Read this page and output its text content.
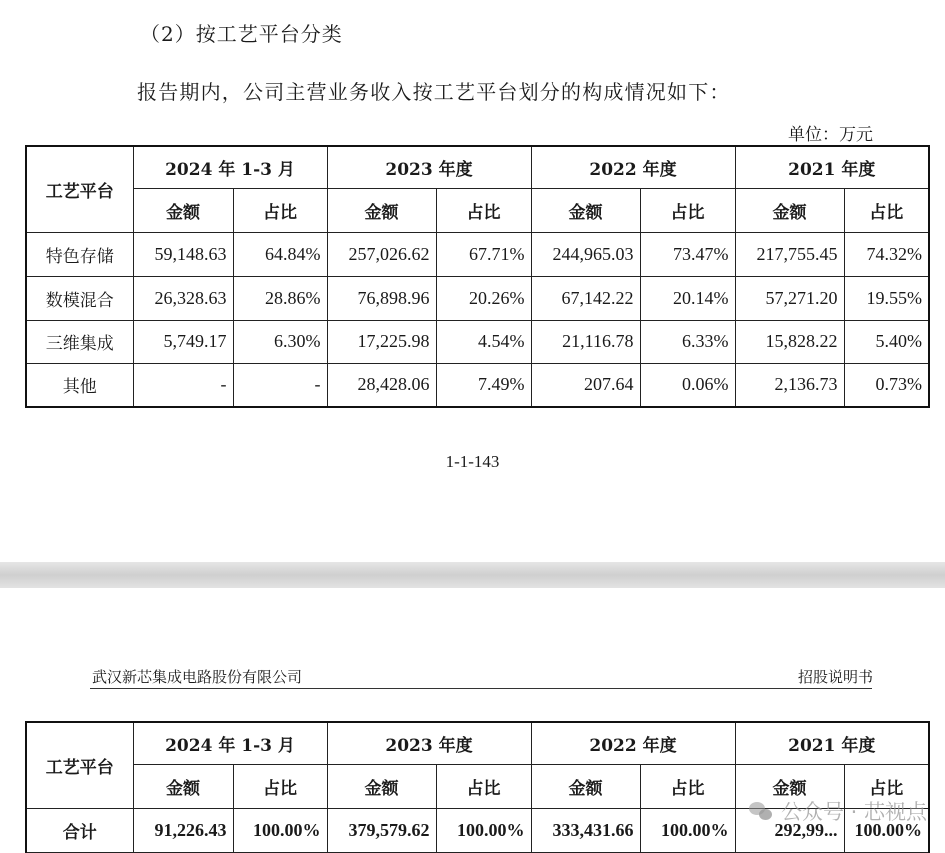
（2）按工艺平台分类
报告期内，公司主营业务收入按工艺平台划分的构成情况如下：
单位：万元
工艺平台	2024 年 1-3 月		2023 年度		2022 年度		2021 年度	
	金额	占比	金额	占比	金额	占比	金额	占比
特色存储	59,148.63	64.84%	257,026.62	67.71%	244,965.03	73.47%	217,755.45	74.32%
数模混合	26,328.63	28.86%	76,898.96	20.26%	67,142.22	20.14%	57,271.20	19.55%
三维集成	5,749.17	6.30%	17,225.98	4.54%	21,116.78	6.33%	15,828.22	5.40%
其他	-	-	28,428.06	7.49%	207.64	0.06%	2,136.73	0.73%
1-1-143
武汉新芯集成电路股份有限公司	招股说明书
工艺平台	2024 年 1-3 月		2023 年度		2022 年度		2021 年度	
	金额	占比	金额	占比	金额	占比	金额	占比
合计	91,226.43	100.00%	379,579.62	100.00%	333,431.66	100.00%	292,99...	100.00%
公众号 · 芯视点
